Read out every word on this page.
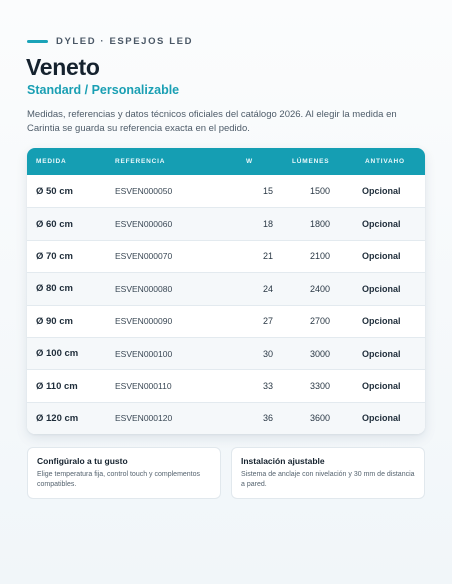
DYLED · ESPEJOS LED
Veneto
Standard / Personalizable

Medidas, referencias y datos técnicos oficiales del catálogo 2026. Al elegir la medida en Carintia se guarda su referencia exacta en el pedido.

MEDIDA	REFERENCIA	W	LÚMENES	ANTIVAHO
Ø 50 cm	ESVEN000050	15	1500	Opcional
Ø 60 cm	ESVEN000060	18	1800	Opcional
Ø 70 cm	ESVEN000070	21	2100	Opcional
Ø 80 cm	ESVEN000080	24	2400	Opcional
Ø 90 cm	ESVEN000090	27	2700	Opcional
Ø 100 cm	ESVEN000100	30	3000	Opcional
Ø 110 cm	ESVEN000110	33	3300	Opcional
Ø 120 cm	ESVEN000120	36	3600	Opcional
Configúralo a tu gusto
Elige temperatura fija, control touch y complementos compatibles.
Instalación ajustable
Sistema de anclaje con nivelación y 30 mm de distancia a pared.
